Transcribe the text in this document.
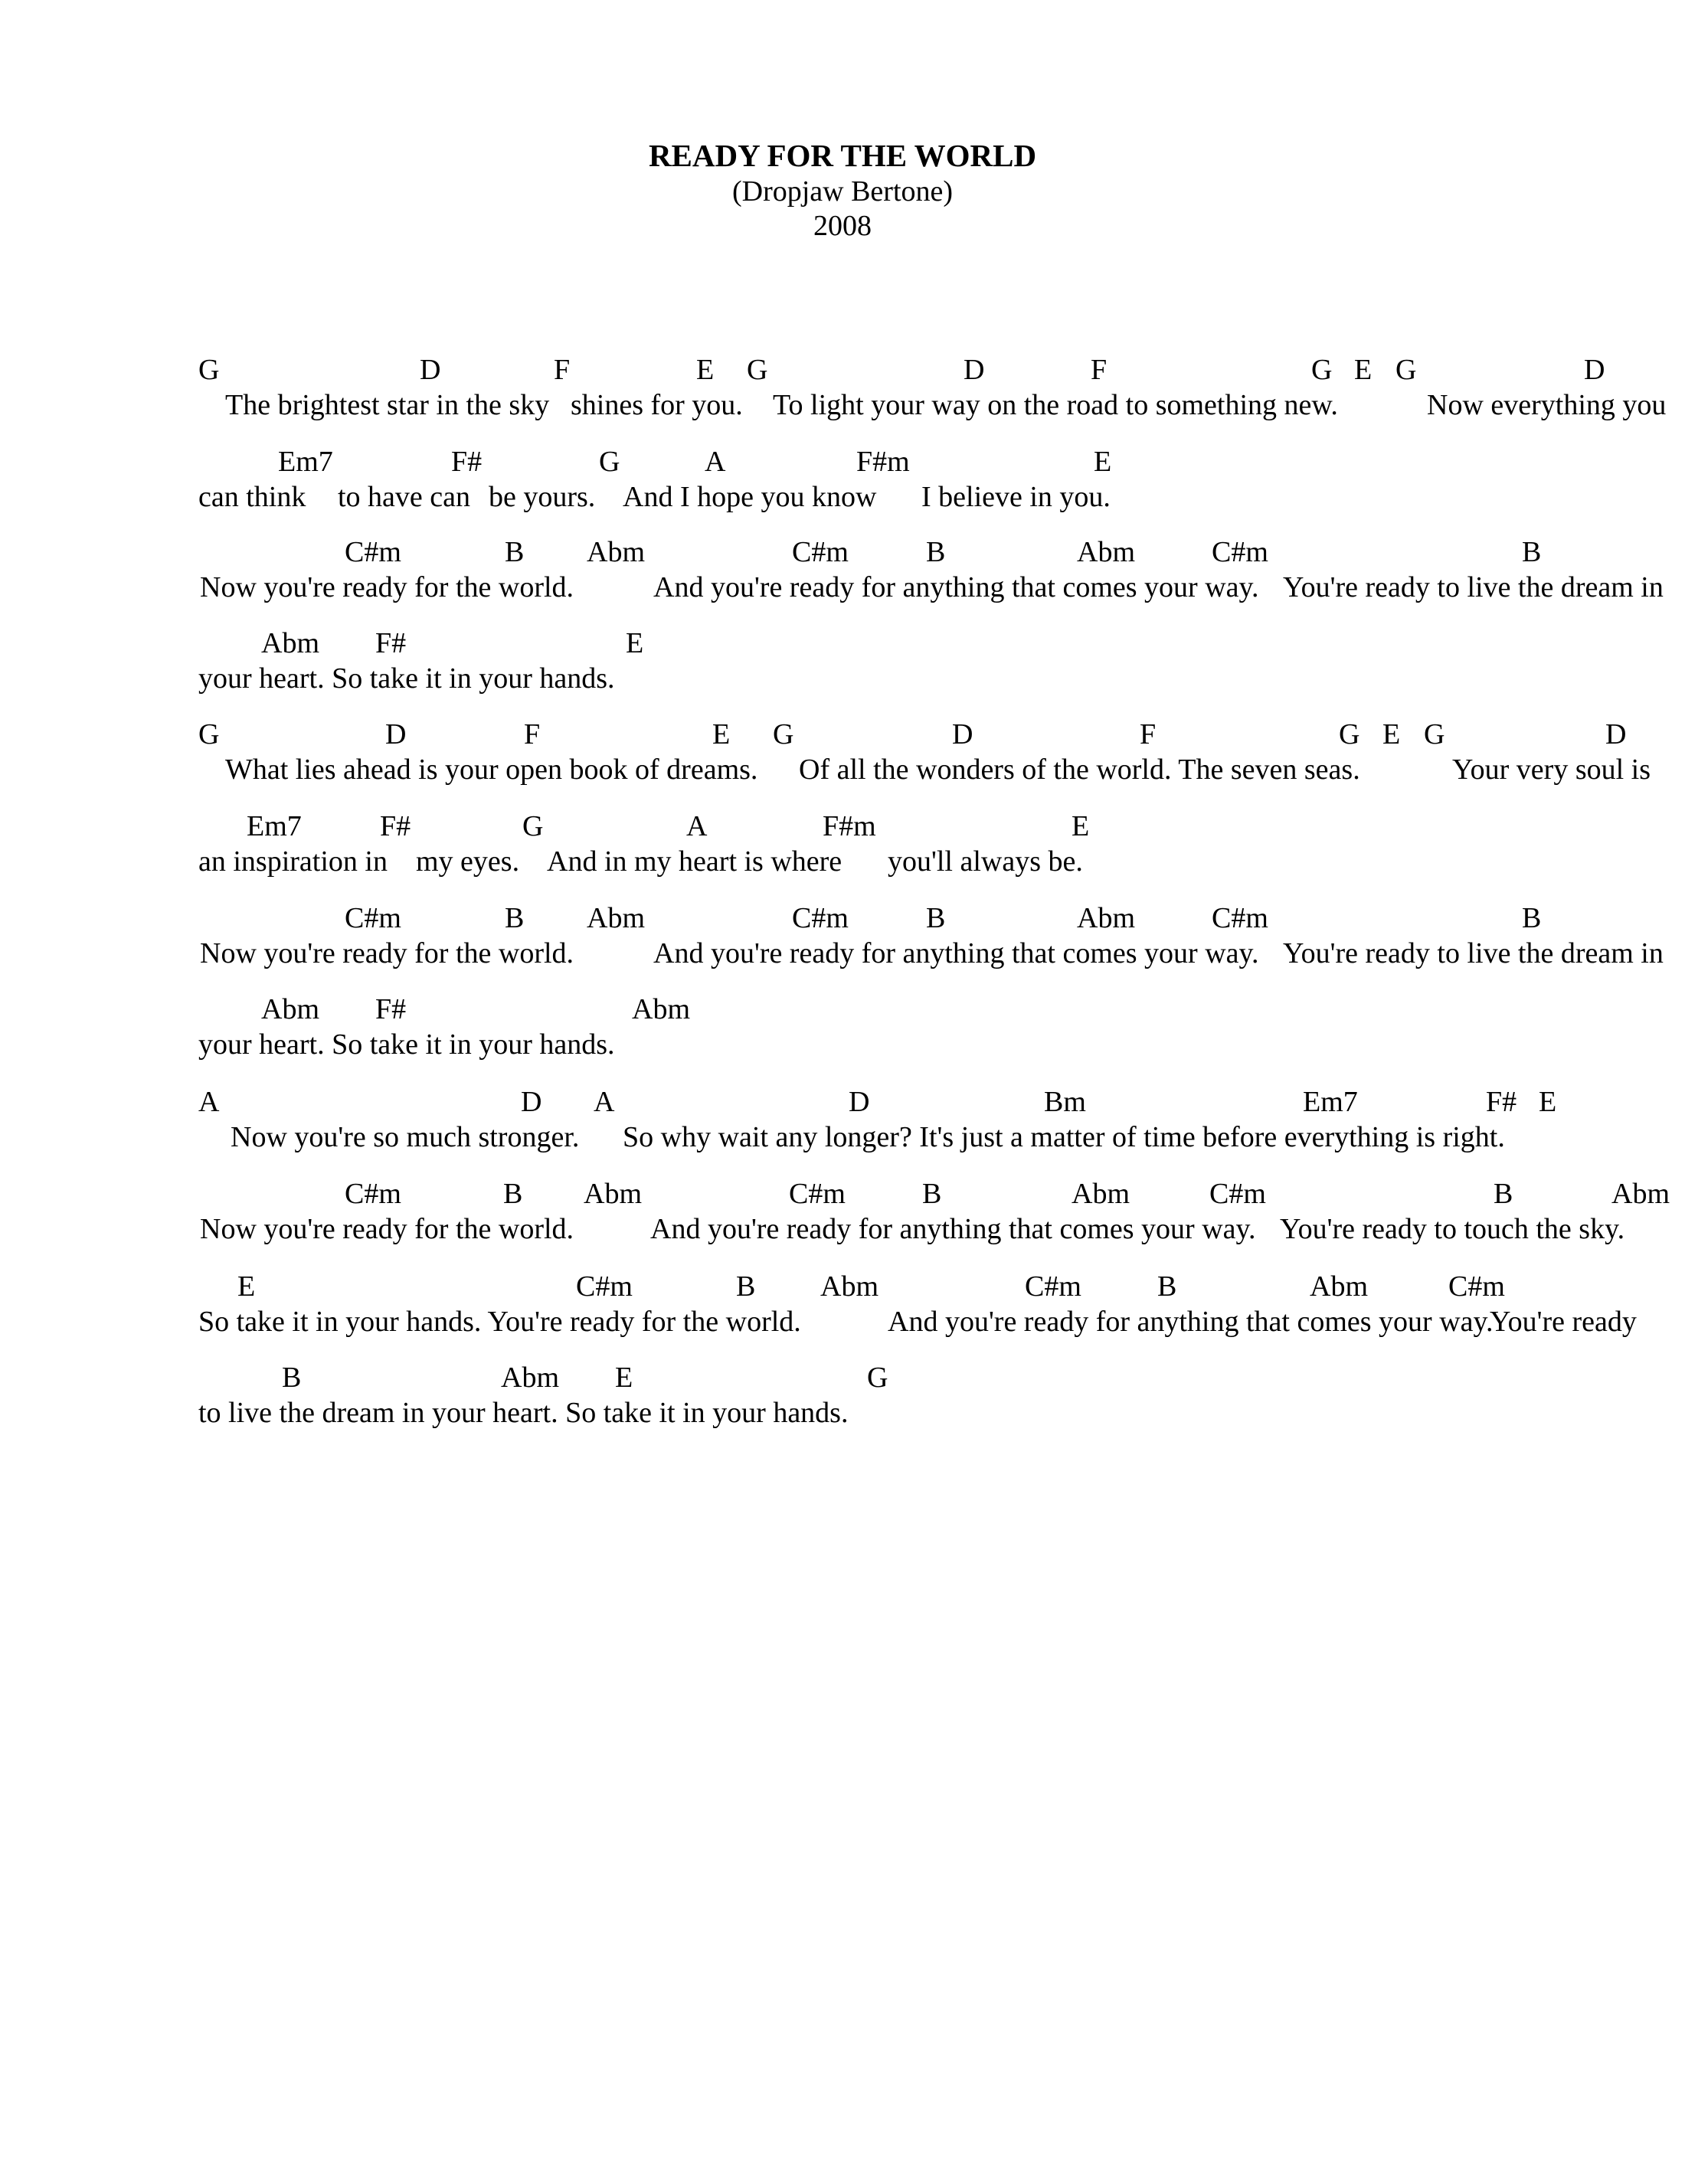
READY FOR THE WORLD
(Dropjaw Bertone)
2008
G	D	F	E G	D	F	G E G	D
The brightest star in the sky shines for you. To light your way on the road to something new.	Now everything you
Em7	F#	G	A	F#m	E
can think to have can be yours. And I hope you know I believe in you.
C#m	B Abm	C#m	B	Abm	C#m	B
Now you're ready for the world.	And you're ready for anything that comes your way. You're ready to live the dream in
Abm F#	E
your heart. So take it in your hands.
G	D	F	E G	D	F	G E G	D
What lies ahead is your open book of dreams. Of all the wonders of the world. The seven seas.	Your very soul is
Em7	F#	G	A	F#m	E
an inspiration in my eyes. And in my heart is where you'll always be.
C#m	B Abm	C#m	B	Abm	C#m	B
Now you're ready for the world.	And you're ready for anything that comes your way. You're ready to live the dream in
Abm F#	Abm
your heart. So take it in your hands.
A	D A	D	Bm	Em7	F# E
Now you're so much stronger. So why wait any longer? It's just a matter of time before everything is right.
C#m	B Abm	C#m	B	Abm	C#m	B	Abm
Now you're ready for the world.	And you're ready for anything that comes your way. You're ready to touch the sky.
E	C#m	B Abm	C#m	B	Abm	C#m
So take it in your hands. You're ready for the world.	And you're ready for anything that comes your way.
You're ready
B	Abm E	G
to live the dream in your heart. So take it in your hands.
